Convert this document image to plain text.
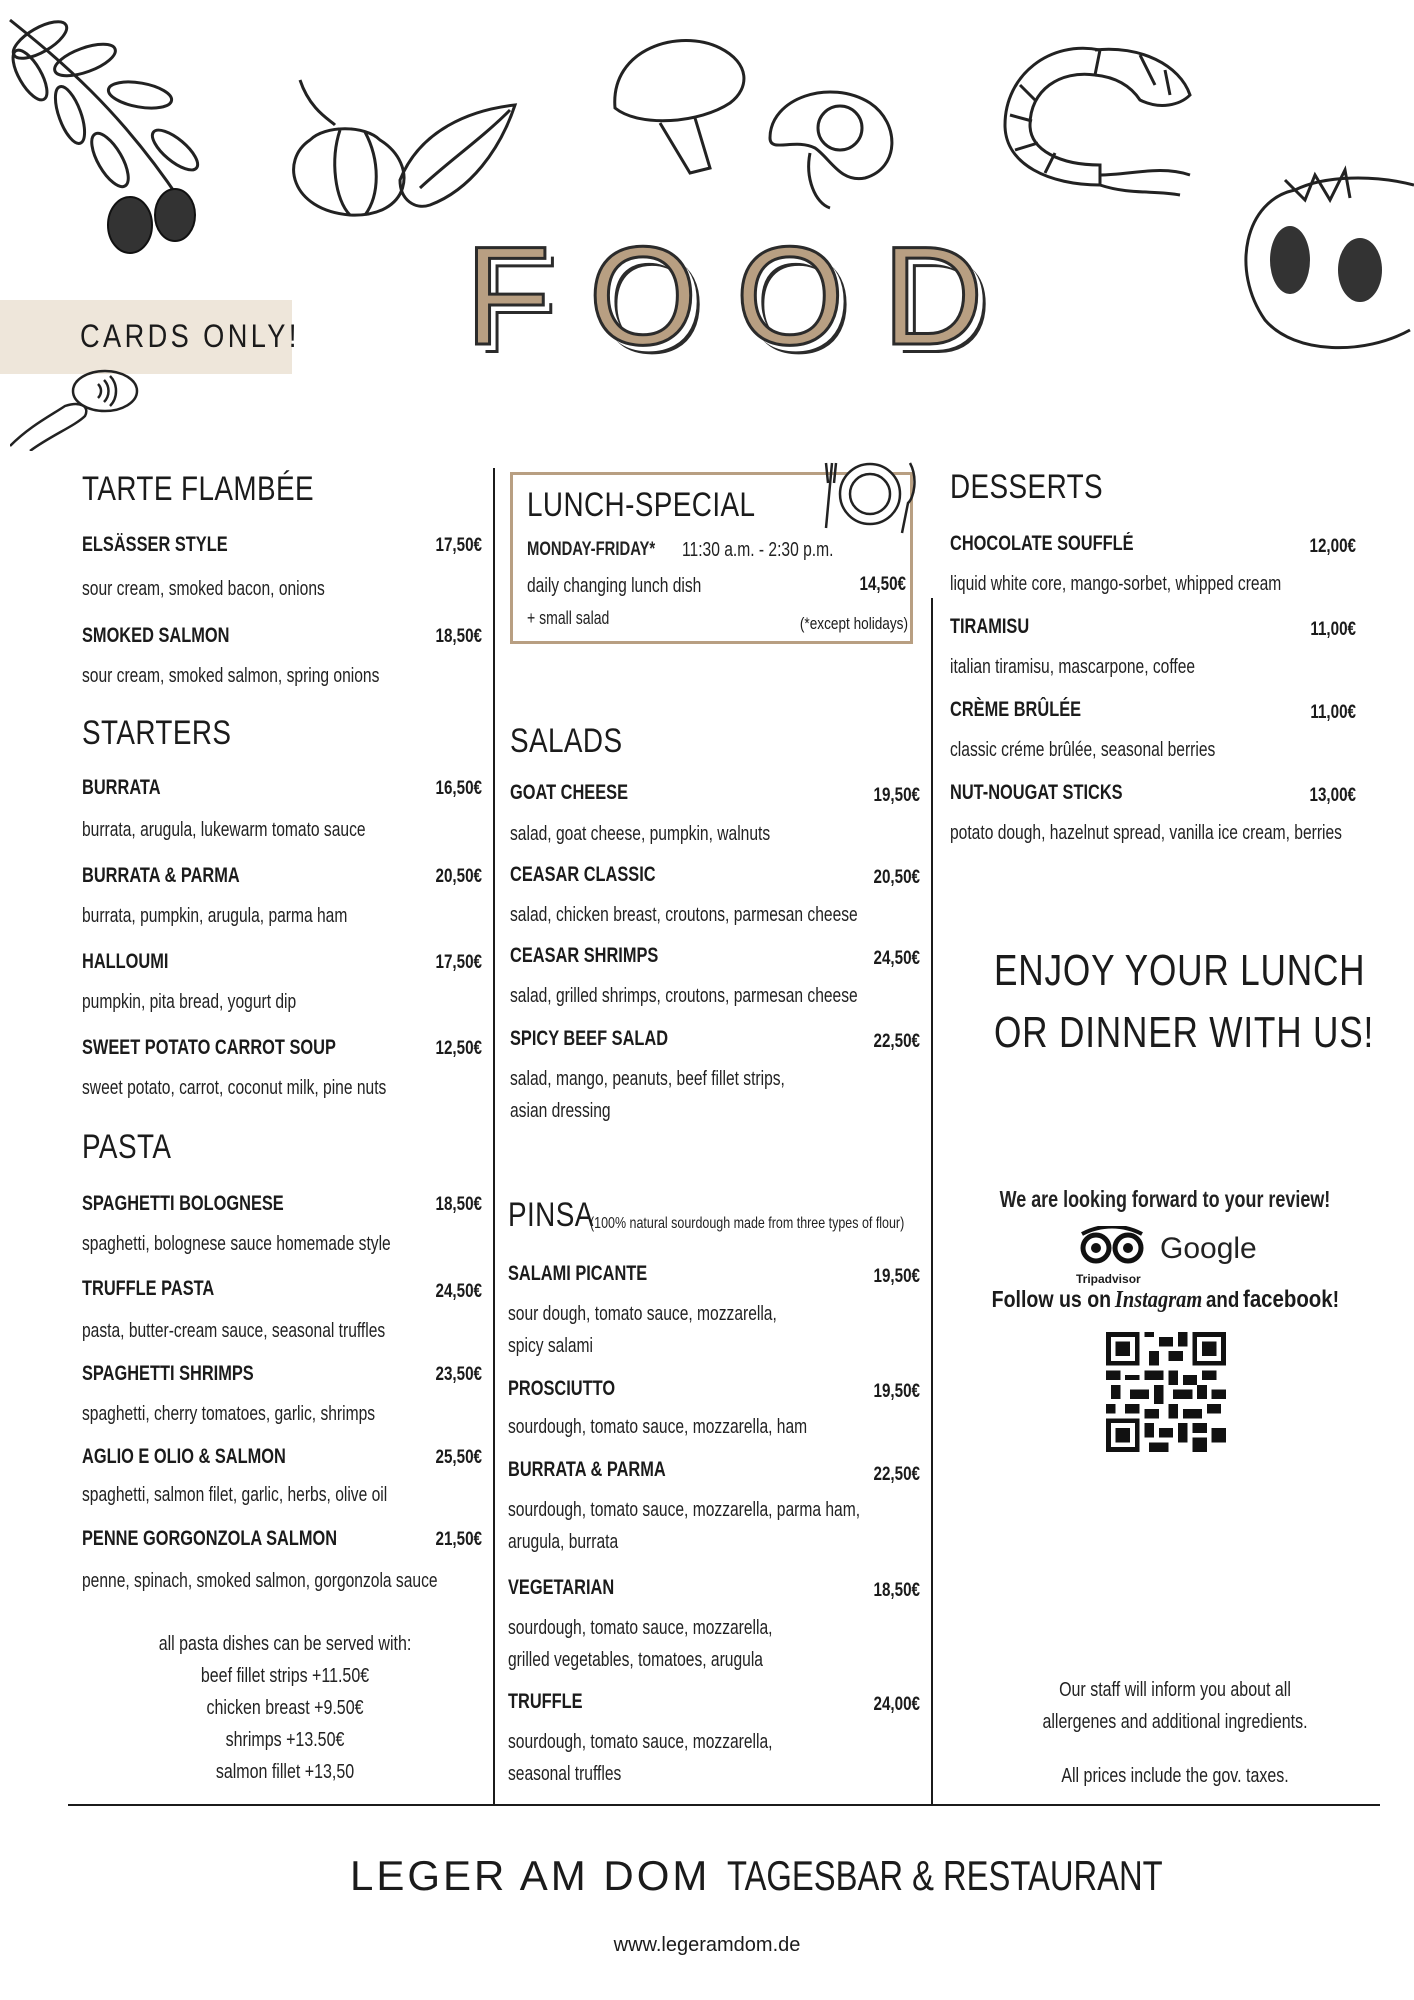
CARDS ONLY! FOOD
TARTE FLAMBÉE
ELSÄSSER STYLE	17,50€
sour cream, smoked bacon, onions
SMOKED SALMON	18,50€
sour cream, smoked salmon, spring onions
STARTERS
BURRATA	16,50€
burrata, arugula, lukewarm tomato sauce
BURRATA & PARMA	20,50€
burrata, pumpkin, arugula, parma ham
HALLOUMI	17,50€
pumpkin, pita bread, yogurt dip
SWEET POTATO CARROT SOUP	12,50€
sweet potato, carrot, coconut milk, pine nuts
PASTA
SPAGHETTI BOLOGNESE	18,50€
spaghetti, bolognese sauce homemade style
TRUFFLE PASTA	24,50€
pasta, butter-cream sauce, seasonal truffles
SPAGHETTI SHRIMPS	23,50€
spaghetti, cherry tomatoes, garlic, shrimps
AGLIO E OLIO & SALMON	25,50€
spaghetti, salmon filet, garlic, herbs, olive oil
PENNE GORGONZOLA SALMON	21,50€
penne, spinach, smoked salmon, gorgonzola sauce
all pasta dishes can be served with:
beef fillet strips +11.50€
chicken breast +9.50€
shrimps +13.50€
salmon fillet +13,50
LUNCH-SPECIAL
MONDAY-FRIDAY* 11:30 a.m. - 2:30 p.m.
daily changing lunch dish	14,50€
+ small salad	(*except holidays)
SALADS
GOAT CHEESE	19,50€
salad, goat cheese, pumpkin, walnuts
CEASAR CLASSIC	20,50€
salad, chicken breast, croutons, parmesan cheese
CEASAR SHRIMPS	24,50€
salad, grilled shrimps, croutons, parmesan cheese
SPICY BEEF SALAD	22,50€
salad, mango, peanuts, beef fillet strips,
asian dressing
PINSA
(100% natural sourdough made from three types of flour)
SALAMI PICANTE	19,50€
sour dough, tomato sauce, mozzarella,
spicy salami
PROSCIUTTO	19,50€
sourdough, tomato sauce, mozzarella, ham
BURRATA & PARMA	22,50€
sourdough, tomato sauce, mozzarella, parma ham,
arugula, burrata
VEGETARIAN	18,50€
sourdough, tomato sauce, mozzarella,
grilled vegetables, tomatoes, arugula
TRUFFLE	24,00€
sourdough, tomato sauce, mozzarella,
seasonal truffles
DESSERTS
CHOCOLATE SOUFFLÉ	12,00€
liquid white core, mango-sorbet, whipped cream
TIRAMISU	11,00€
italian tiramisu, mascarpone, coffee
CRÈME BRÛLÉE	11,00€
classic créme brûlée, seasonal berries
NUT-NOUGAT STICKS	13,00€
potato dough, hazelnut spread, vanilla ice cream, berries
ENJOY YOUR LUNCH
OR DINNER WITH US!
We are looking forward to your review!
Tripadvisor
Google
Follow us on Instagram and facebook!
Our staff will inform you about all
allergenes and additional ingredients.
All prices include the gov. taxes.
LEGER AM DOM TAGESBAR & RESTAURANT
www.legeramdom.de
